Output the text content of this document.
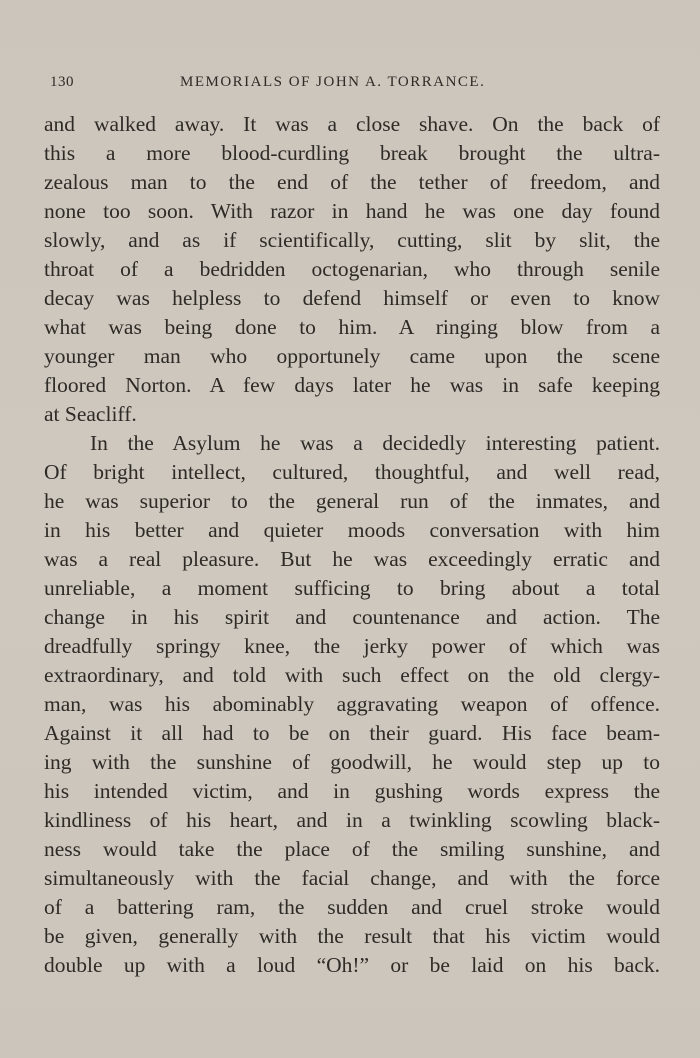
130	MEMORIALS OF JOHN A. TORRANCE.
and walked away. It was a close shave. On the back of
this a more blood-curdling break brought the ultra-
zealous man to the end of the tether of freedom, and
none too soon. With razor in hand he was one day found
slowly, and as if scientifically, cutting, slit by slit, the
throat of a bedridden octogenarian, who through senile
decay was helpless to defend himself or even to know
what was being done to him. A ringing blow from a
younger man who opportunely came upon the scene
floored Norton. A few days later he was in safe keeping
at Seacliff.
In the Asylum he was a decidedly interesting patient.
Of bright intellect, cultured, thoughtful, and well read,
he was superior to the general run of the inmates, and
in his better and quieter moods conversation with him
was a real pleasure. But he was exceedingly erratic and
unreliable, a moment sufficing to bring about a total
change in his spirit and countenance and action. The
dreadfully springy knee, the jerky power of which was
extraordinary, and told with such effect on the old clergy-
man, was his abominably aggravating weapon of offence.
Against it all had to be on their guard. His face beam-
ing with the sunshine of goodwill, he would step up to
his intended victim, and in gushing words express the
kindliness of his heart, and in a twinkling scowling black-
ness would take the place of the smiling sunshine, and
simultaneously with the facial change, and with the force
of a battering ram, the sudden and cruel stroke would
be given, generally with the result that his victim would
double up with a loud “Oh!” or be laid on his back.
